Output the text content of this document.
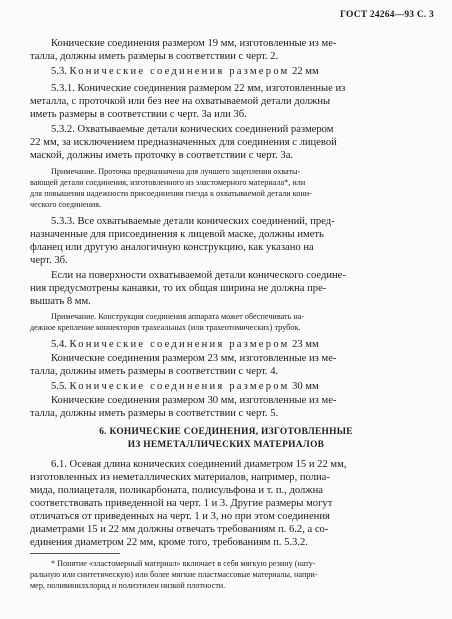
ГОСТ 24264—93 С. 3
Конические соединения размером 19 мм, изготовленные из ме-
талла, должны иметь размеры в соответствии с черт. 2.
5.3. Конические соединения размером 22 мм
5.3.1. Конические соединения размером 22 мм, изготовленные из
металла, с проточкой или без нее на охватываемой детали должны
иметь размеры в соответствии с черт. 3а или 3б.
5.3.2. Охватываемые детали конических соединений размером
22 мм, за исключением предназначенных для соединения с лицевой
маской, должны иметь проточку в соответствии с черт. 3а.
Примечание. Проточка предназначена для лучшего зацепления охваты-
вающей детали соединения, изготовленного из эластомерного материала*, или
для повышения надежности присоединения гнезда к охватываемой детали кони-
ческого соединения.
5.3.3. Все охватываемые детали конических соединений, пред-
назначенные для присоединения к лицевой маске, должны иметь
фланец или другую аналогичную конструкцию, как указано на
черт. 3б.
Если на поверхности охватываемой детали конического соедине-
ния предусмотрены канавки, то их общая ширина не должна пре-
вышать 8 мм.
Примечание. Конструкция соединения аппарата может обеспечивать на-
дежное крепление коннекторов трахеальных (или трахеотомических) трубок.
5.4. Конические соединения размером 23 мм
Конические соединения размером 23 мм, изготовленные из ме-
талла, должны иметь размеры в соответствии с черт. 4.
5.5. Конические соединения размером 30 мм
Конические соединения размером 30 мм, изготовленные из ме-
талла, должны иметь размеры в соответствии с черт. 5.
6. КОНИЧЕСКИЕ СОЕДИНЕНИЯ, ИЗГОТОВЛЕННЫЕ
ИЗ НЕМЕТАЛЛИЧЕСКИХ МАТЕРИАЛОВ
6.1. Осевая длина конических соединений диаметром 15 и 22 мм,
изготовленных из неметаллических материалов, например, полиа-
мида, полиацеталя, поликарбоната, полисульфона и т. п., должна
соответствовать приведенной на черт. 1 и 3. Другие размеры могут
отличаться от приведенных на черт. 1 и 3, но при этом соединения
диаметрами 15 и 22 мм должны отвечать требованиям п. 6.2, а со-
единения диаметром 22 мм, кроме того, требованиям п. 5.3.2.
* Понятие «эластомерный материал» включает в себя мягкую резину (нату-
ральную или синтетическую) или более мягкие пластмассовые материалы, напри-
мер, поливинилхлорид и полиэтилен низкой плотности.
